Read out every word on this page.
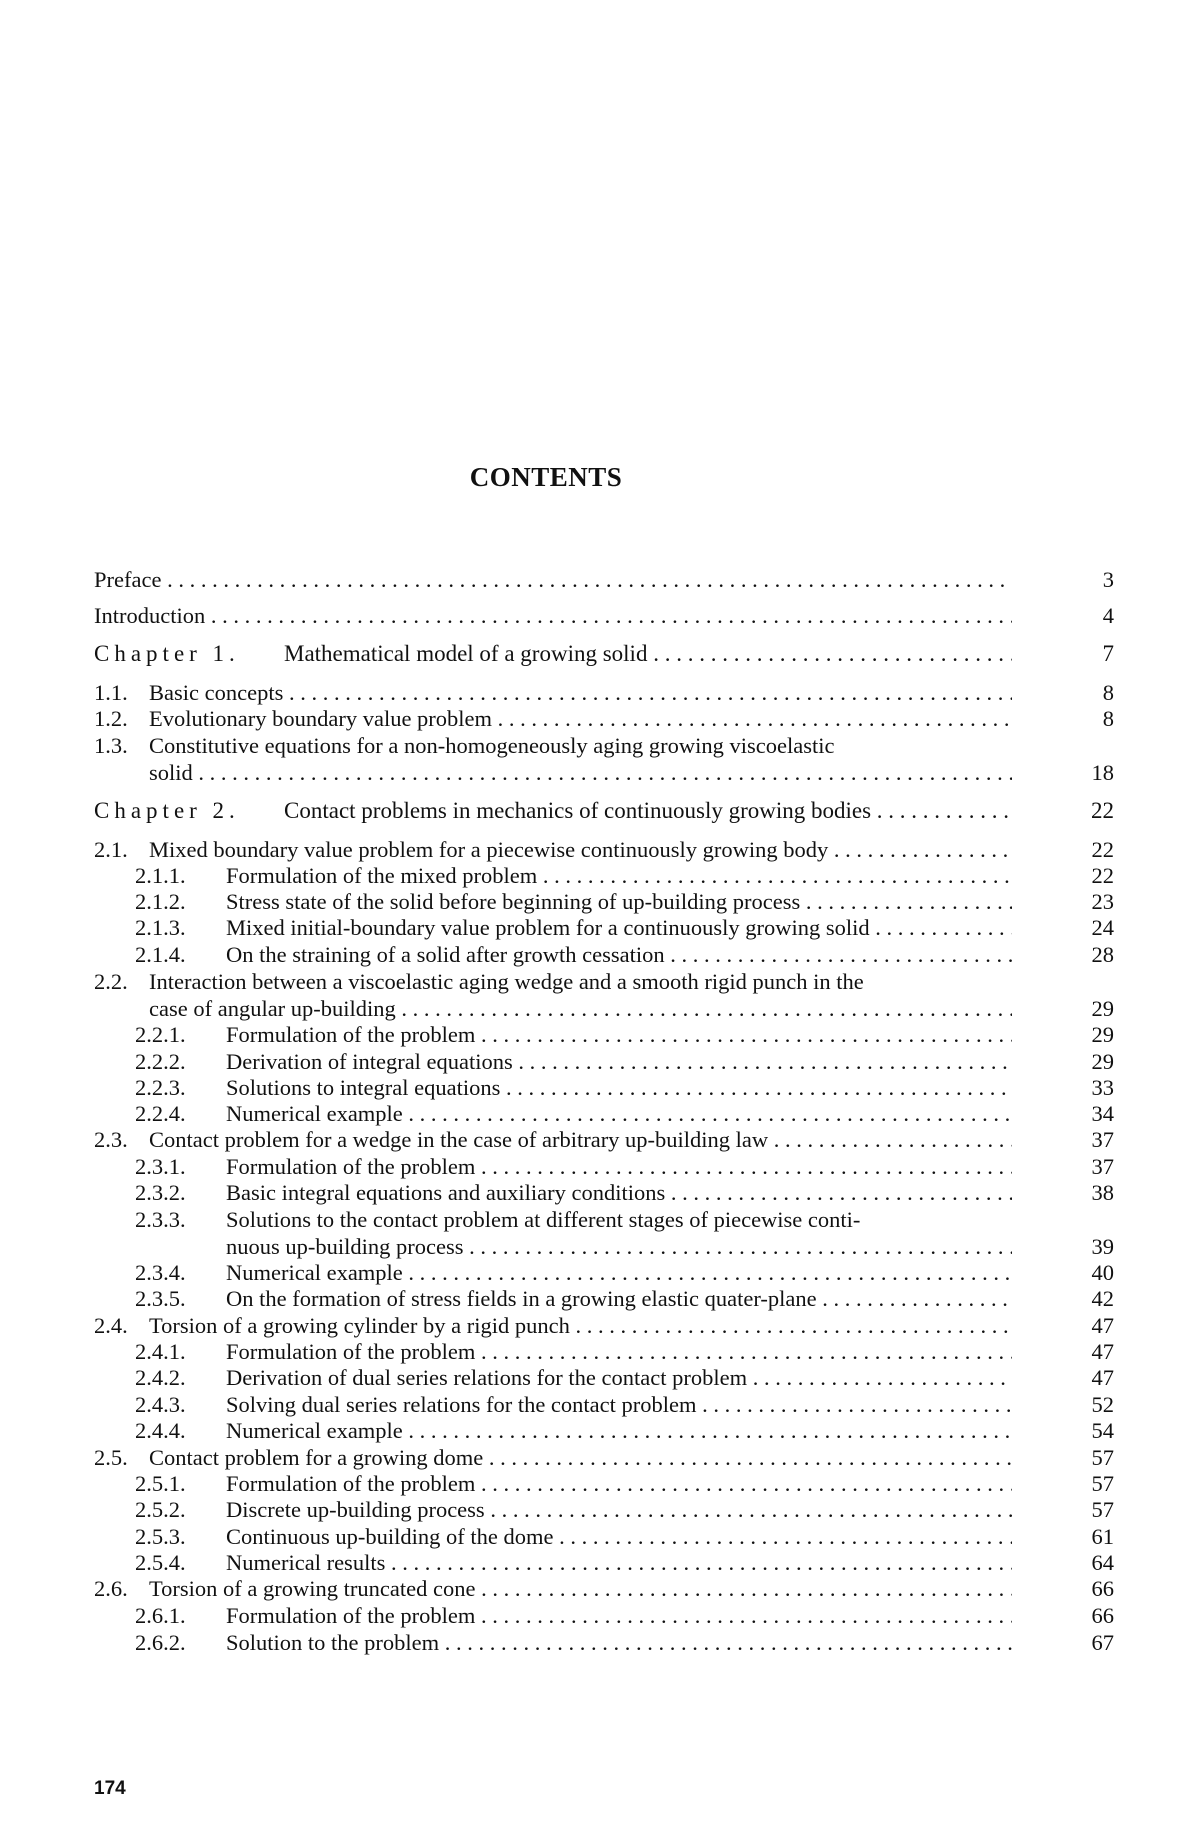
CONTENTS
Preface . . .	3
Introduction . . .	4
Chapter 1. Mathematical model of a growing solid . . .	7
1.1. Basic concepts . . .	8
1.2. Evolutionary boundary value problem . . .	8
1.3. Constitutive equations for a non-homogeneously aging growing viscoelastic
solid . . .	18
Chapter 2. Contact problems in mechanics of continuously growing bodies . . .	22
2.1. Mixed boundary value problem for a piecewise continuously growing body . . .	22
2.1.1. Formulation of the mixed problem . . .	22
2.1.2. Stress state of the solid before beginning of up-building process . . .	23
2.1.3. Mixed initial-boundary value problem for a continuously growing solid . . .	24
2.1.4. On the straining of a solid after growth cessation . . .	28
2.2. Interaction between a viscoelastic aging wedge and a smooth rigid punch in the
case of angular up-building . . .	29
2.2.1. Formulation of the problem . . .	29
2.2.2. Derivation of integral equations . . .	29
2.2.3. Solutions to integral equations . . .	33
2.2.4. Numerical example . . .	34
2.3. Contact problem for a wedge in the case of arbitrary up-building law . . .	37
2.3.1. Formulation of the problem . . .	37
2.3.2. Basic integral equations and auxiliary conditions . . .	38
2.3.3. Solutions to the contact problem at different stages of piecewise conti-
nuous up-building process . . .	39
2.3.4. Numerical example . . .	40
2.3.5. On the formation of stress fields in a growing elastic quater-plane . . .	42
2.4. Torsion of a growing cylinder by a rigid punch . . .	47
2.4.1. Formulation of the problem . . .	47
2.4.2. Derivation of dual series relations for the contact problem . . .	47
2.4.3. Solving dual series relations for the contact problem . . .	52
2.4.4. Numerical example . . .	54
2.5. Contact problem for a growing dome . . .	57
2.5.1. Formulation of the problem . . .	57
2.5.2. Discrete up-building process . . .	57
2.5.3. Continuous up-building of the dome . . .	61
2.5.4. Numerical results . . .	64
2.6. Torsion of a growing truncated cone . . .	66
2.6.1. Formulation of the problem . . .	66
2.6.2. Solution to the problem . . .	67
174
